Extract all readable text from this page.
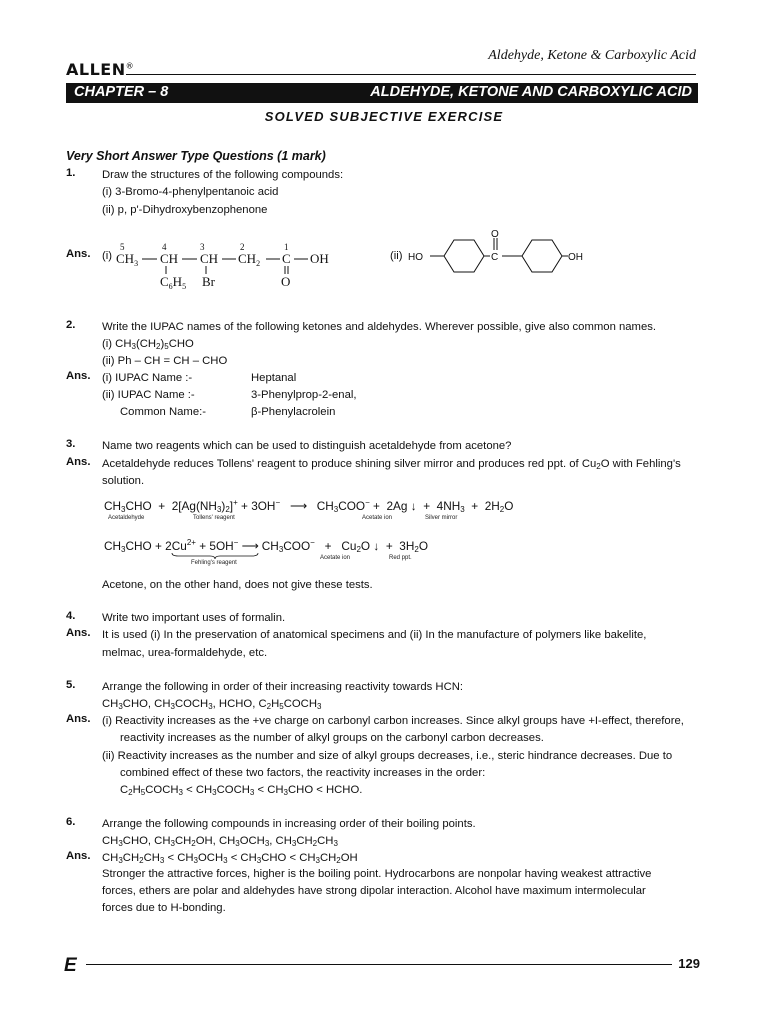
Aldehyde, Ketone & Carboxylic Acid
ALLEN®
CHAPTER – 8	ALDEHYDE, KETONE AND CARBOXYLIC ACID
SOLVED SUBJECTIVE EXERCISE
Very Short Answer Type Questions (1 mark)
1. Draw the structures of the following compounds:
(i) 3-Bromo-4-phenylpentanoic acid
(ii) p, p'-Dihydroxybenzophenone
Ans. (i)
5	4	3	2	1
$CH_3$ CH CH $CH_2$ C OH
$C_6H_5$ Br	O
(ii) HO	C
O
OH
2. Write the IUPAC names of the following ketones and aldehydes. Wherever possible, give also common names.
(i) $CH_3(CH_2)_5CHO$
(ii) Ph – CH = CH – CHO
Ans. (i) IUPAC Name :-	Heptanal
(ii) IUPAC Name :-	3-Phenylprop-2-enal,
Common Name:-	β-Phenylacrolein
3. Name two reagents which can be used to distinguish acetaldehyde from acetone?
Ans. Acetaldehyde reduces Tollens' reagent to produce shining silver mirror and produces red ppt. of $Cu_2O$ with Fehling's
solution.
$CH_3CHO + 2[Ag(NH_3)_2]^+ + 3OH^-$   ⟶   $CH_3COO^- + 2Ag$ ↓  +  $4NH_3 + 2H_2O$
Acetaldehyde	Tollens' reagent	Acetate ion	Silver mirror
$CH_3CHO + 2Cu^{2+} + 5OH^-$ ⟶ $CH_3COO^- + Cu_2O$ ↓  +  $3H_2O$
Fehling's reagent
Acetate ion	Red ppt.
Acetone, on the other hand, does not give these tests.
4. Write two important uses of formalin.
Ans. It is used (i) In the preservation of anatomical specimens and (ii) In the manufacture of polymers like bakelite,
melmac, urea-formaldehyde, etc.
5. Arrange the following in order of their increasing reactivity towards HCN:
$CH_3CHO$, $CH_3COCH_3$, HCHO, $C_2H_5COCH_3$
Ans. (i) Reactivity increases as the +ve charge on carbonyl carbon increases. Since alkyl groups have +I-effect, therefore,
reactivity increases as the number of alkyl groups on the carbonyl carbon decreases.
(ii) Reactivity increases as the number and size of alkyl groups decreases, i.e., steric hindrance decreases. Due to
combined effect of these two factors, the reactivity increases in the order:
$C_2H_5COCH_3$ < $CH_3COCH_3 < CH_3CHO$ < HCHO.
6. Arrange the following compounds in increasing order of their boiling points.
$CH_3CHO$, $CH_3CH_2OH$, $CH_3OCH_3$, $CH_3CH_2CH_3$
Ans. $CH_3CH_2CH_3 < CH_3OCH_3 < CH_3CHO < CH_3CH_2OH$
Stronger the attractive forces, higher is the boiling point. Hydrocarbons are nonpolar having weakest attractive
forces, ethers are polar and aldehydes have strong dipolar interaction. Alcohol have maximum intermolecular
forces due to H-bonding.
E	129
